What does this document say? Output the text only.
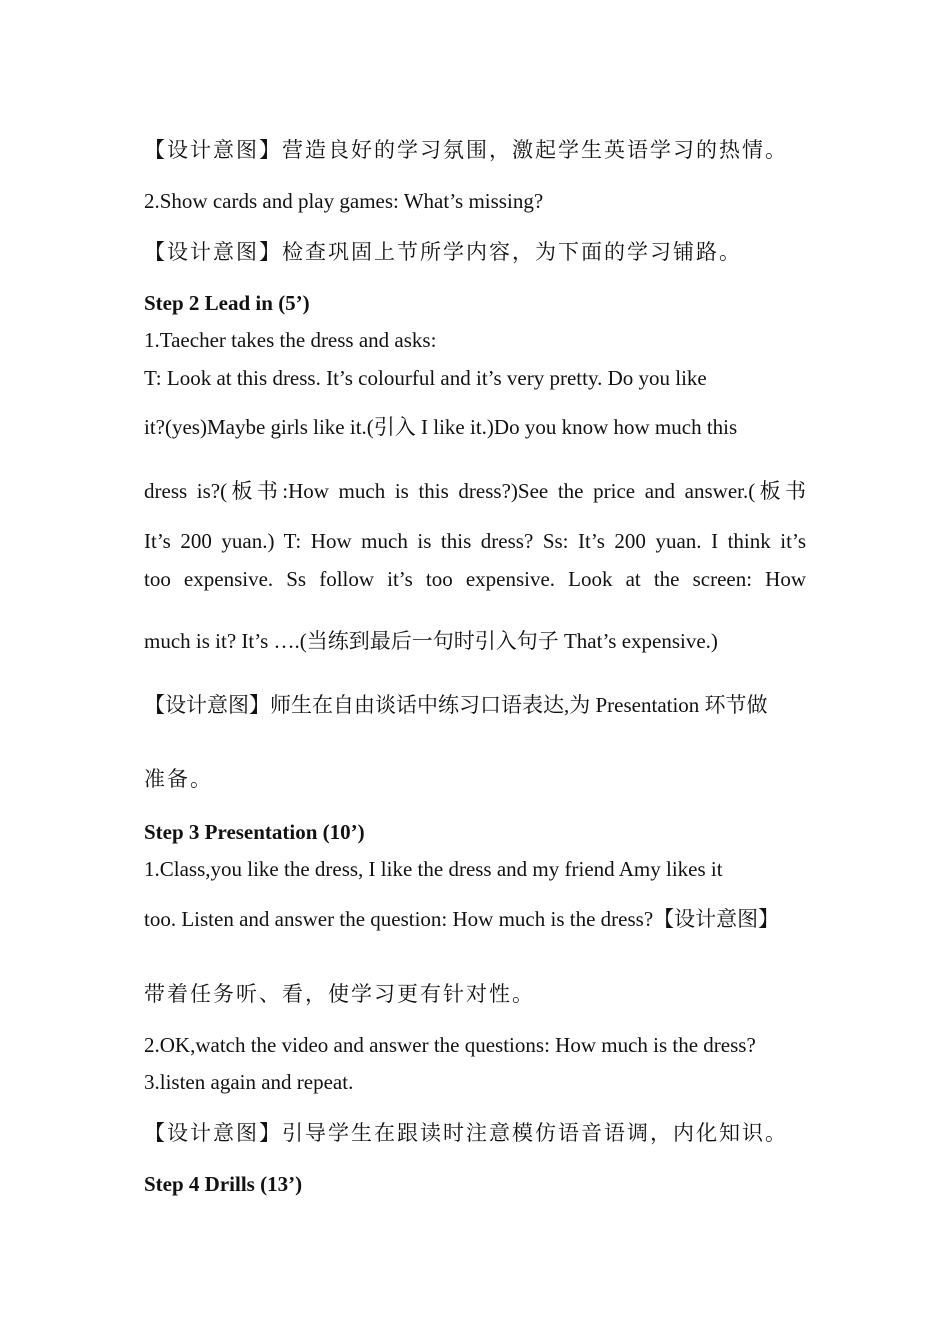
【设计意图】营造良好的学习氛围，激起学生英语学习的热情。
2.Show cards and play games: What’s missing?
【设计意图】检查巩固上节所学内容，为下面的学习铺路。
Step 2 Lead in (5’)
1.Taecher takes the dress and asks:
T: Look at this dress. It’s colourful and it’s very pretty. Do you like
it?(yes)Maybe girls like it.(引入 I like it.)Do you know how much this
dress is?(板书:How much is this dress?)See the price and answer.(板书
It’s 200 yuan.) T: How much is this dress? Ss: It’s 200 yuan. I think it’s
too expensive. Ss follow it’s too expensive. Look at the screen: How
much is it? It’s ….(当练到最后一句时引入句子 That’s expensive.)
【设计意图】师生在自由谈话中练习口语表达,为 Presentation 环节做
准备。
Step 3 Presentation (10’)
1.Class,you like the dress, I like the dress and my friend Amy likes it
too. Listen and answer the question: How much is the dress?【设计意图】
带着任务听、看，使学习更有针对性。
2.OK,watch the video and answer the questions: How much is the dress?
3.listen again and repeat.
【设计意图】引导学生在跟读时注意模仿语音语调，内化知识。
Step 4 Drills (13’)
